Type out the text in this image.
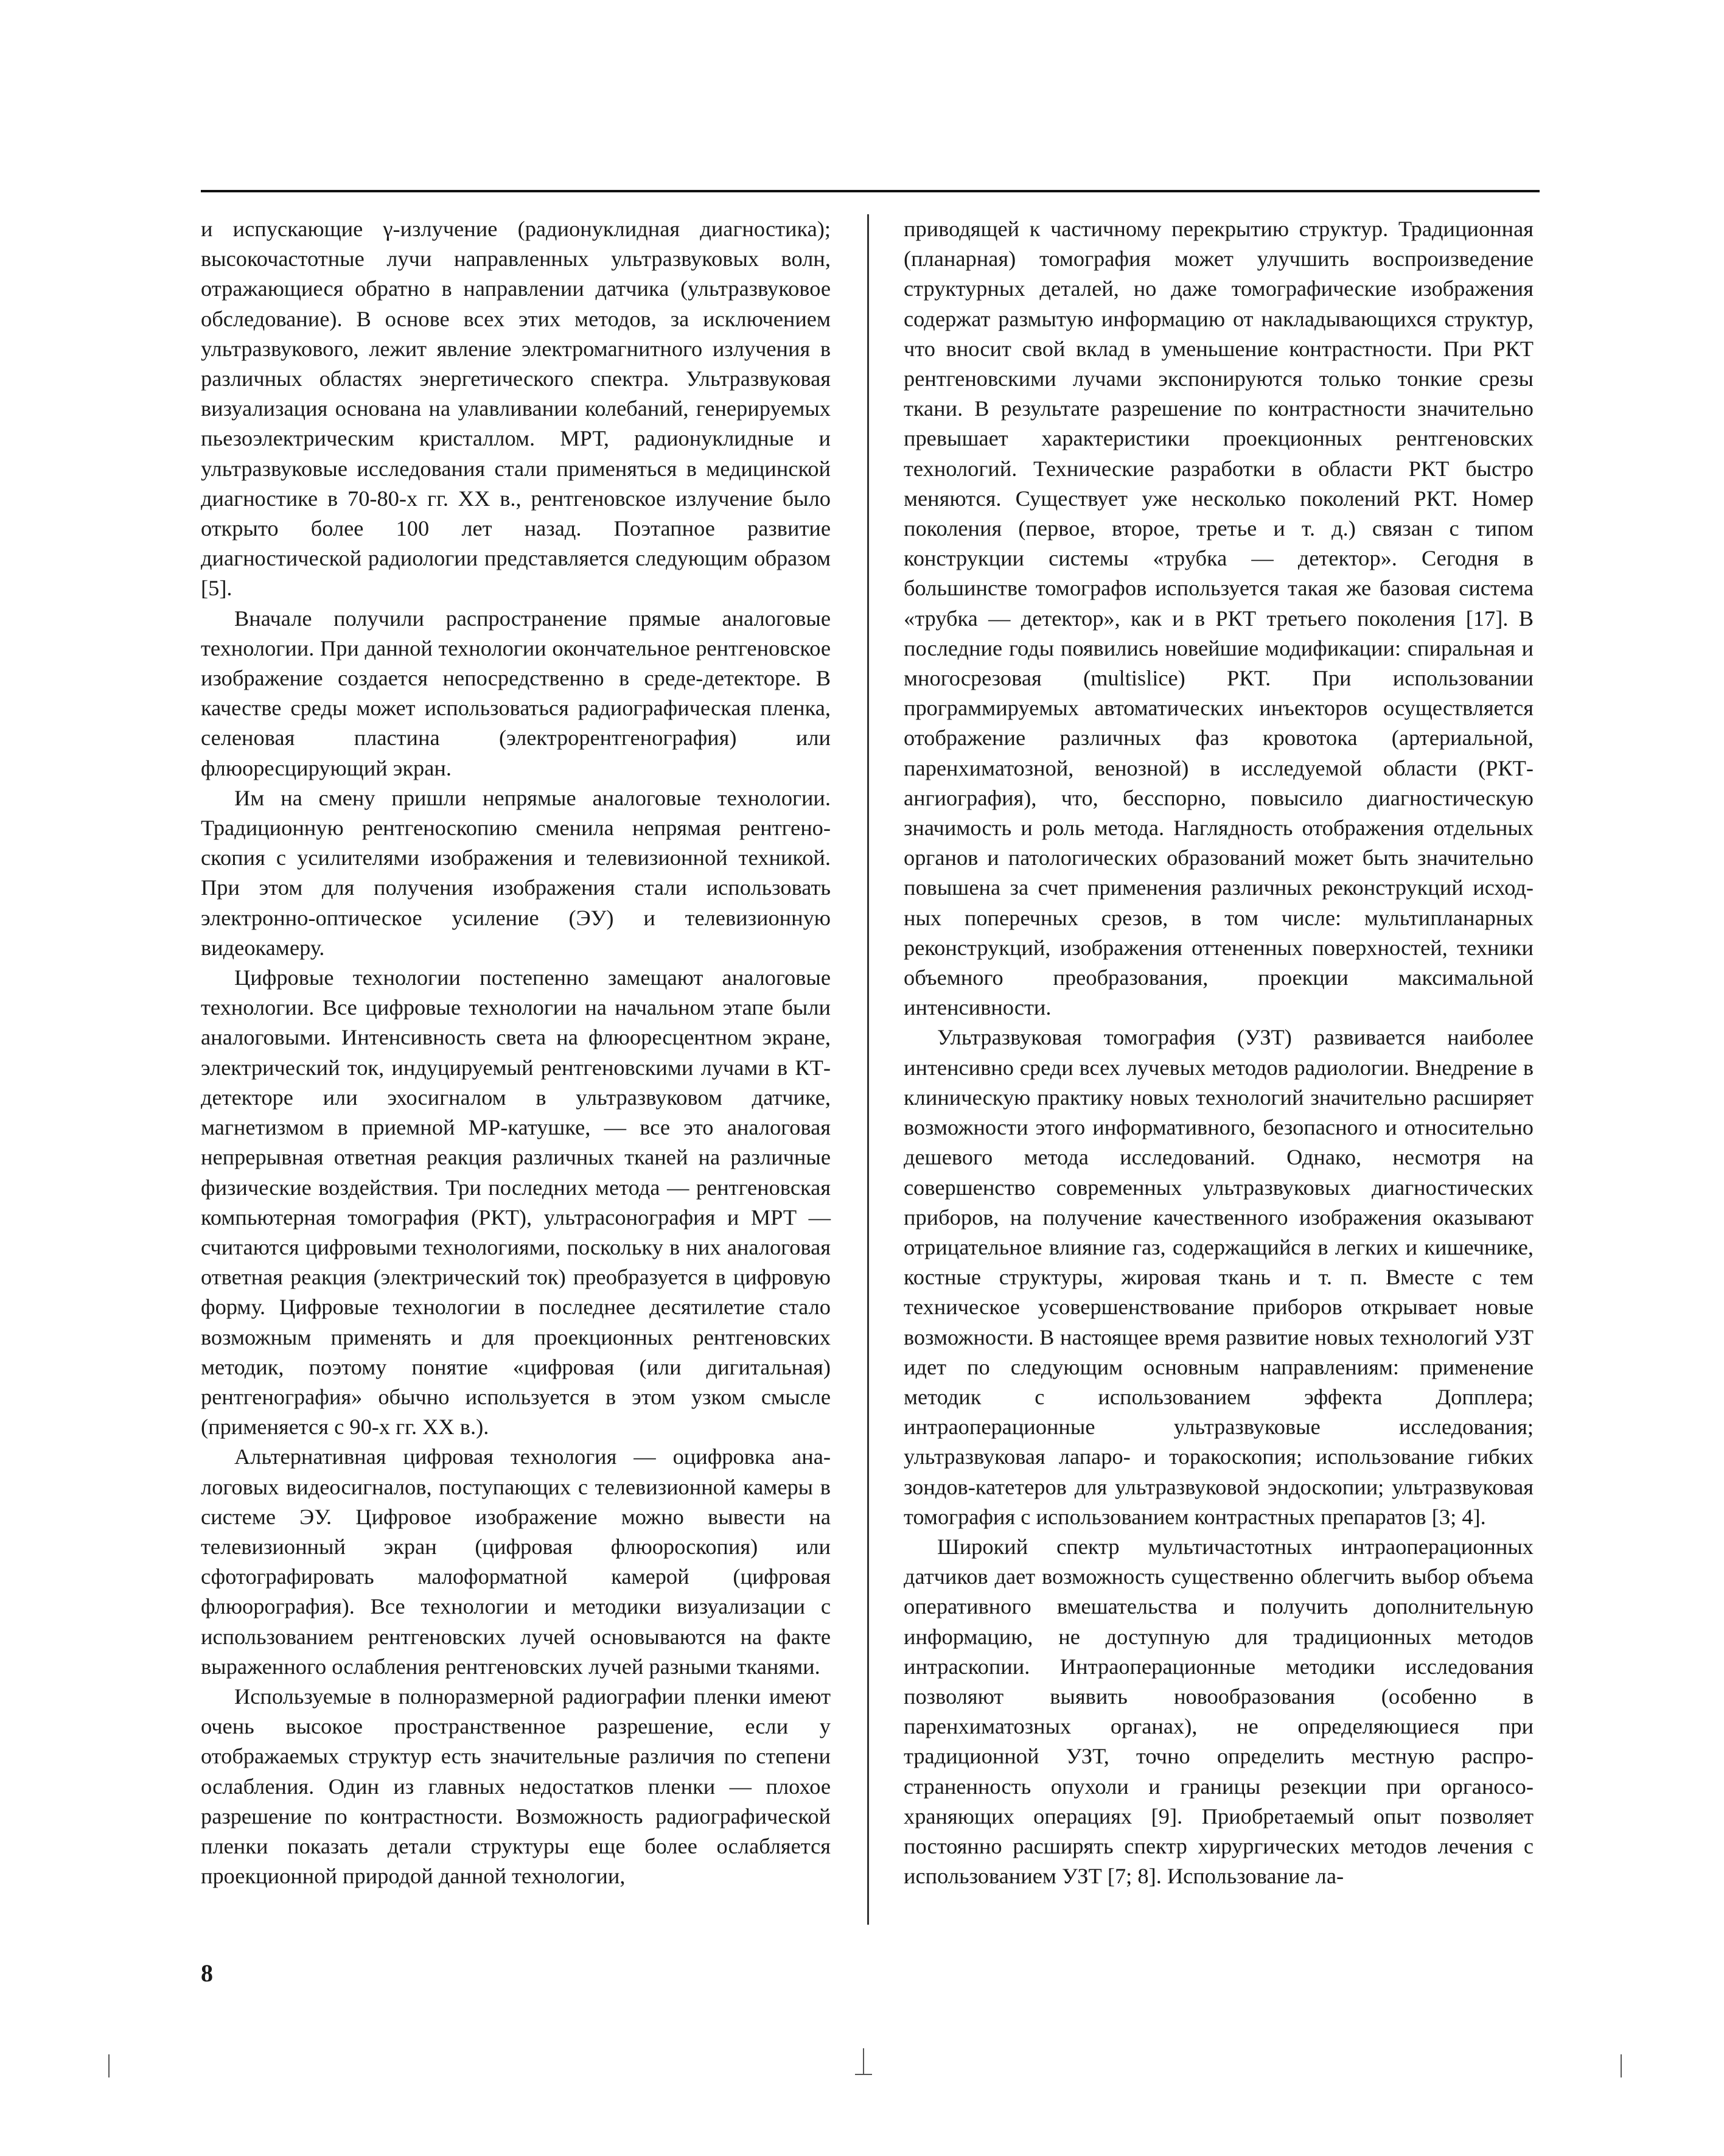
и испускающие γ-излучение (радионуклидная диагностика); высокочастотные лучи направленных ультразвуковых волн, отражающиеся обратно в направлении датчика (ультразвуковое обследование). В основе всех этих методов, за исключением ультразвукового, лежит явление электромагнитного излучения в различных областях энергетического спектра. Ультразвуковая визуализация основана на улавливании колебаний, генерируемых пьезоэлектрическим кристаллом. МРТ, радионуклидные и ультразвуковые исследования стали применяться в медицинской диагностике в 70-80-х гг. XX в., рентгеновское излучение было открыто более 100 лет назад. Поэтапное развитие диагностической радиологии представляется следующим образом [5].

Вначале получили распространение прямые аналоговые технологии. При данной технологии окончательное рентгеновское изображение создается непосредственно в среде-детекторе. В качестве среды может использоваться радиографическая пленка, селеновая пластина (электрорентгенография) или флюоресцирующий экран.

Им на смену пришли непрямые аналоговые технологии. Традиционную рентгеноскопию сменила непрямая рентгеноскопия с усилителями изображения и телевизионной техникой. При этом для получения изображения стали использовать электронно-оптическое усиление (ЭУ) и телевизионную видеокамеру.

Цифровые технологии постепенно замещают аналоговые технологии. Все цифровые технологии на начальном этапе были аналоговыми. Интенсивность света на флюоресцентном экране, электрический ток, индуцируемый рентгеновскими лучами в КТ-детекторе или эхосигналом в ультразвуковом датчике, магнетизмом в приемной МР-катушке, — все это аналоговая непрерывная ответная реакция различных тканей на различные физические воздействия. Три последних метода — рентгеновская компьютерная томография (РКТ), ультрасонография и МРТ — считаются цифровыми технологиями, поскольку в них аналоговая ответная реакция (электрический ток) преобразуется в цифровую форму. Цифровые технологии в последнее десятилетие стало возможным применять и для проекционных рентгеновских методик, поэтому понятие «цифровая (или дигитальная) рентгенография» обычно используется в этом узком смысле (применяется с 90-х гг. XX в.).

Альтернативная цифровая технология — оцифровка аналоговых видеосигналов, поступающих с телевизионной камеры в системе ЭУ. Цифровое изображение можно вывести на телевизионный экран (цифровая флюороскопия) или сфотографировать малоформатной камерой (цифровая флюорография). Все технологии и методики визуализации с использованием рентгеновских лучей основываются на факте выраженного ослабления рентгеновских лучей разными тканями.

Используемые в полноразмерной радиографии пленки имеют очень высокое пространственное разрешение, если у отображаемых структур есть значительные различия по степени ослабления. Один из главных недостатков пленки — плохое разрешение по контрастности. Возможность радиографической пленки показать детали структуры еще более ослабляется проекционной природой данной технологии,

приводящей к частичному перекрытию структур. Традиционная (планарная) томография может улучшить воспроизведение структурных деталей, но даже томографические изображения содержат размытую информацию от накладывающихся структур, что вносит свой вклад в уменьшение контрастности. При РКТ рентгеновскими лучами экспонируются только тонкие срезы ткани. В результате разрешение по контрастности значительно превышает характеристики проекционных рентгеновских технологий. Технические разработки в области РКТ быстро меняются. Существует уже несколько поколений РКТ. Номер поколения (первое, второе, третье и т. д.) связан с типом конструкции системы «трубка — детектор». Сегодня в большинстве томографов используется такая же базовая система «трубка — детектор», как и в РКТ третьего поколения [17]. В последние годы появились новейшие модификации: спиральная и многосрезовая (multislice) РКТ. При использовании программируемых автоматических инъекторов осуществляется отображение различных фаз кровотока (артериальной, паренхиматозной, венозной) в исследуемой области (РКТ-ангиография), что, бесспорно, повысило диагностическую значимость и роль метода. Наглядность отображения отдельных органов и патологических образований может быть значительно повышена за счет применения различных реконструкций исходных поперечных срезов, в том числе: мультипланарных реконструкций, изображения оттененных поверхностей, техники объемного преобразования, проекции максимальной интенсивности.

Ультразвуковая томография (УЗТ) развивается наиболее интенсивно среди всех лучевых методов радиологии. Внедрение в клиническую практику новых технологий значительно расширяет возможности этого информативного, безопасного и относительно дешевого метода исследований. Однако, несмотря на совершенство современных ультразвуковых диагностических приборов, на получение качественного изображения оказывают отрицательное влияние газ, содержащийся в легких и кишечнике, костные структуры, жировая ткань и т. п. Вместе с тем техническое усовершенствование приборов открывает новые возможности. В настоящее время развитие новых технологий УЗТ идет по следующим основным направлениям: применение методик с использованием эффекта Допплера; интраоперационные ультразвуковые исследования; ультразвуковая лапаро- и торакоскопия; использование гибких зондов-катетеров для ультразвуковой эндоскопии; ультразвуковая томография с использованием контрастных препаратов [3; 4].

Широкий спектр мультичастотных интраоперационных датчиков дает возможность существенно облегчить выбор объема оперативного вмешательства и получить дополнительную информацию, не доступную для традиционных методов интраскопии. Интраоперационные методики исследования позволяют выявить новообразования (особенно в паренхиматозных органах), не определяющиеся при традиционной УЗТ, точно определить местную распространенность опухоли и границы резекции при органосохраняющих операциях [9]. Приобретаемый опыт позволяет постоянно расширять спектр хирургических методов лечения с использованием УЗТ [7; 8]. Использование ла-

8
